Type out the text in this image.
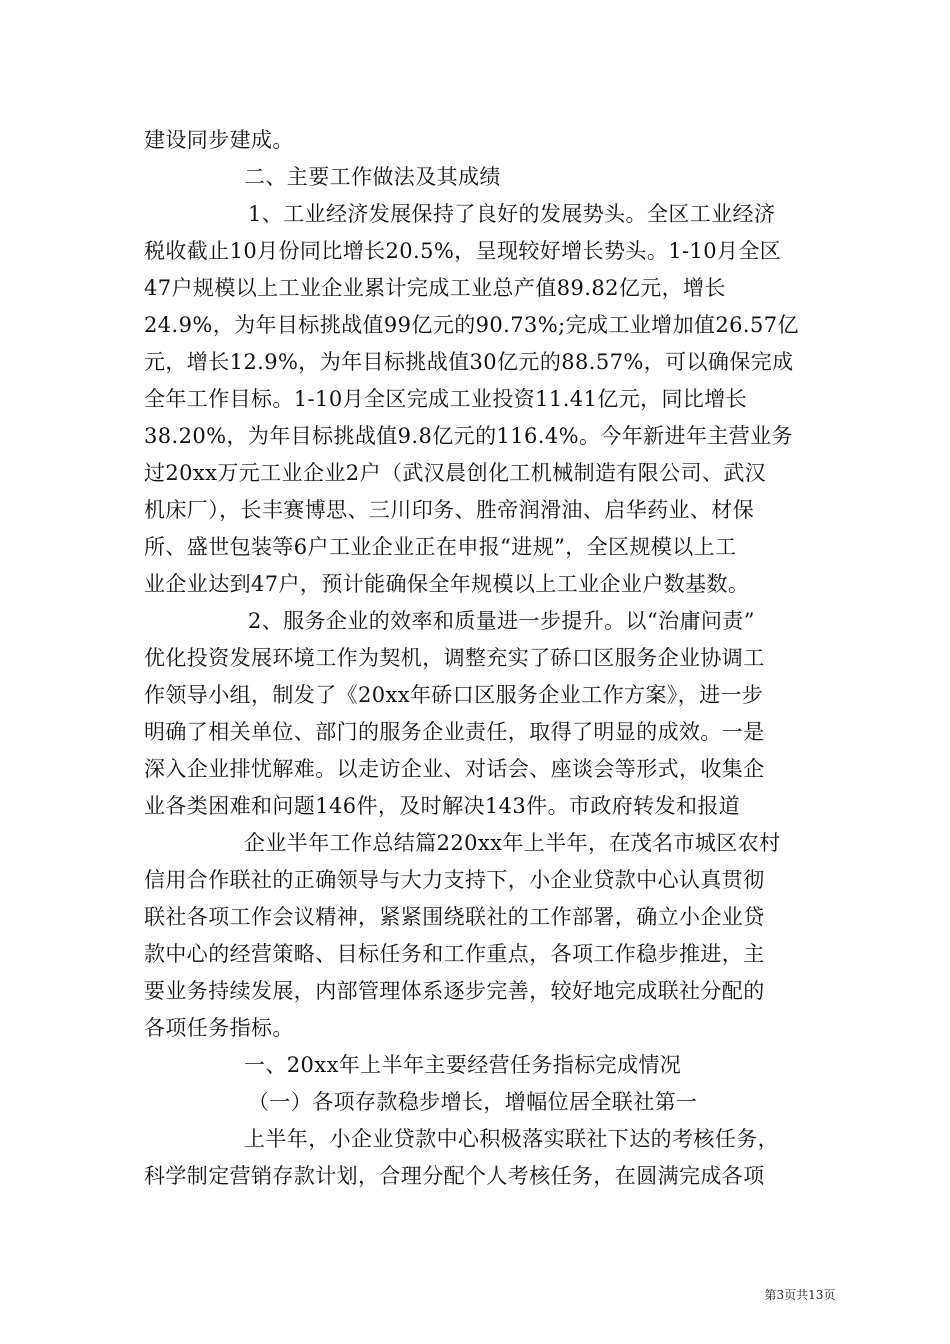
建设同步建成。
二、主要工作做法及其成绩
1、工业经济发展保持了良好的发展势头。全区工业经济
税收截止10月份同比增长20.5%，呈现较好增长势头。1-10月全区
47户规模以上工业企业累计完成工业总产值89.82亿元，增长
24.9%，为年目标挑战值99亿元的90.73%;完成工业增加值26.57亿
元，增长12.9%，为年目标挑战值30亿元的88.57%，可以确保完成
全年工作目标。1-10月全区完成工业投资11.41亿元，同比增长
38.20%，为年目标挑战值9.8亿元的116.4%。今年新进年主营业务
过20xx万元工业企业2户（武汉晨创化工机械制造有限公司、武汉
机床厂），长丰赛博思、三川印务、胜帝润滑油、启华药业、材保
所、盛世包装等6户工业企业正在申报“进规”，全区规模以上工
业企业达到47户，预计能确保全年规模以上工业企业户数基数。
2、服务企业的效率和质量进一步提升。以“治庸问责”
优化投资发展环境工作为契机，调整充实了硚口区服务企业协调工
作领导小组，制发了《20xx年硚口区服务企业工作方案》，进一步
明确了相关单位、部门的服务企业责任，取得了明显的成效。一是
深入企业排忧解难。以走访企业、对话会、座谈会等形式，收集企
业各类困难和问题146件，及时解决143件。市政府转发和报道
企业半年工作总结篇220xx年上半年，在茂名市城区农村
信用合作联社的正确领导与大力支持下，小企业贷款中心认真贯彻
联社各项工作会议精神，紧紧围绕联社的工作部署，确立小企业贷
款中心的经营策略、目标任务和工作重点，各项工作稳步推进，主
要业务持续发展，内部管理体系逐步完善，较好地完成联社分配的
各项任务指标。
一、20xx年上半年主要经营任务指标完成情况
（一）各项存款稳步增长，增幅位居全联社第一
上半年，小企业贷款中心积极落实联社下达的考核任务，
科学制定营销存款计划，合理分配个人考核任务，在圆满完成各项
第3页共13页
